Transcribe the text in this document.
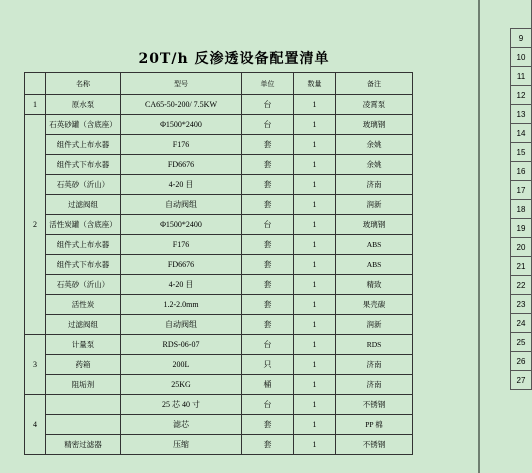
20T/h 反渗透设备配置清单
	名称	型号	单位	数量	备注
1	原水泵	CA65-50-200/ 7.5KW	台	1	凌霄泵
2	石英砂罐（含底座）	Φ1500*2400	台	1	玻璃钢
	组件式上布水器	F176	套	1	余姚
	组件式下布水器	FD6676	套	1	余姚
	石英砂（沂山）	4-20 目	套	1	济南
	过滤阀组	自动阀组	套	1	润新
	活性炭罐（含底座）	Φ1500*2400	台	1	玻璃钢
	组件式上布水器	F176	套	1	ABS
	组件式下布水器	FD6676	套	1	ABS
	石英砂（沂山）	4-20 目	套	1	精致
	活性炭	1.2-2.0mm	套	1	果壳碳
	过滤阀组	自动阀组	套	1	润新
3	计量泵	RDS-06-07	台	1	RDS
	药箱	200L	只	1	济南
	阻垢剂	25KG	桶	1	济南
4		25 芯 40 寸	台	1	不锈钢
		滤芯	套	1	PP 棉
	精密过滤器	压缩	套	1	不锈钢

9
10
11
12
13
14
15
16
17
18
19
20
21
22
23
24
25
26
27
